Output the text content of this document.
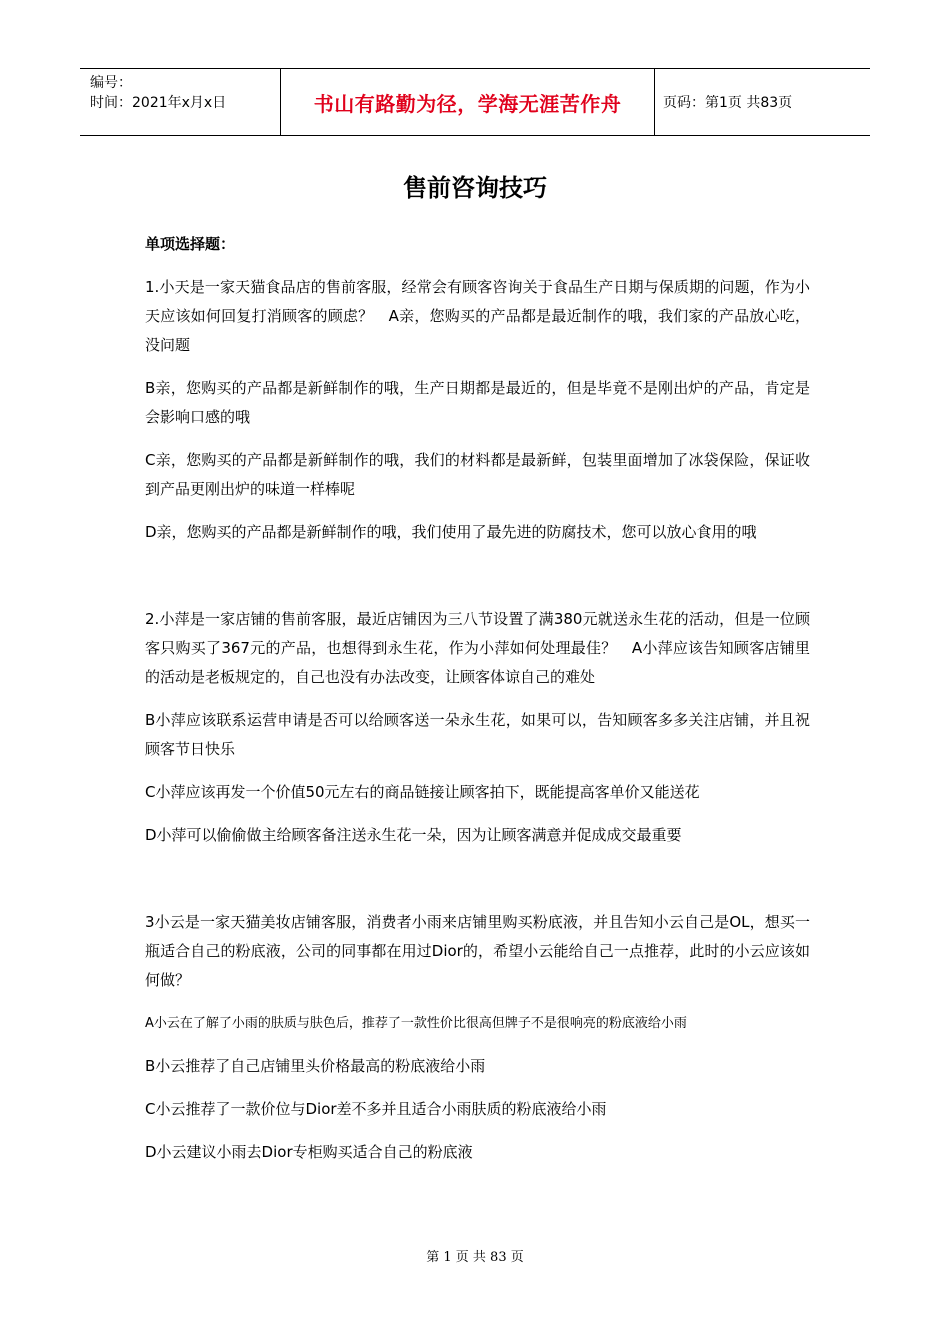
编号：
时间：2021年x月x日	书山有路勤为径，学海无涯苦作舟	页码：第1页 共83页
售前咨询技巧

单项选择题：

1.小天是一家天猫食品店的售前客服，经常会有顾客咨询关于食品生产日期与保质期的问题，作为小天应该如何回复打消顾客的顾虑？　A亲，您购买的产品都是最近制作的哦，我们家的产品放心吃，没问题

B亲，您购买的产品都是新鲜制作的哦，生产日期都是最近的，但是毕竟不是刚出炉的产品，肯定是会影响口感的哦

C亲，您购买的产品都是新鲜制作的哦，我们的材料都是最新鲜，包装里面增加了冰袋保险，保证收到产品更刚出炉的味道一样棒呢

D亲，您购买的产品都是新鲜制作的哦，我们使用了最先进的防腐技术，您可以放心食用的哦

2.小萍是一家店铺的售前客服，最近店铺因为三八节设置了满380元就送永生花的活动，但是一位顾客只购买了367元的产品，也想得到永生花，作为小萍如何处理最佳？　A小萍应该告知顾客店铺里的活动是老板规定的，自己也没有办法改变，让顾客体谅自己的难处

B小萍应该联系运营申请是否可以给顾客送一朵永生花，如果可以，告知顾客多多关注店铺，并且祝顾客节日快乐

C小萍应该再发一个价值50元左右的商品链接让顾客拍下，既能提高客单价又能送花

D小萍可以偷偷做主给顾客备注送永生花一朵，因为让顾客满意并促成成交最重要

3小云是一家天猫美妆店铺客服，消费者小雨来店铺里购买粉底液，并且告知小云自己是OL，想买一瓶适合自己的粉底液，公司的同事都在用过Dior的，希望小云能给自己一点推荐，此时的小云应该如何做？

A小云在了解了小雨的肤质与肤色后，推荐了一款性价比很高但牌子不是很响亮的粉底液给小雨

B小云推荐了自己店铺里头价格最高的粉底液给小雨

C小云推荐了一款价位与Dior差不多并且适合小雨肤质的粉底液给小雨

D小云建议小雨去Dior专柜购买适合自己的粉底液

第 1 页 共 83 页
